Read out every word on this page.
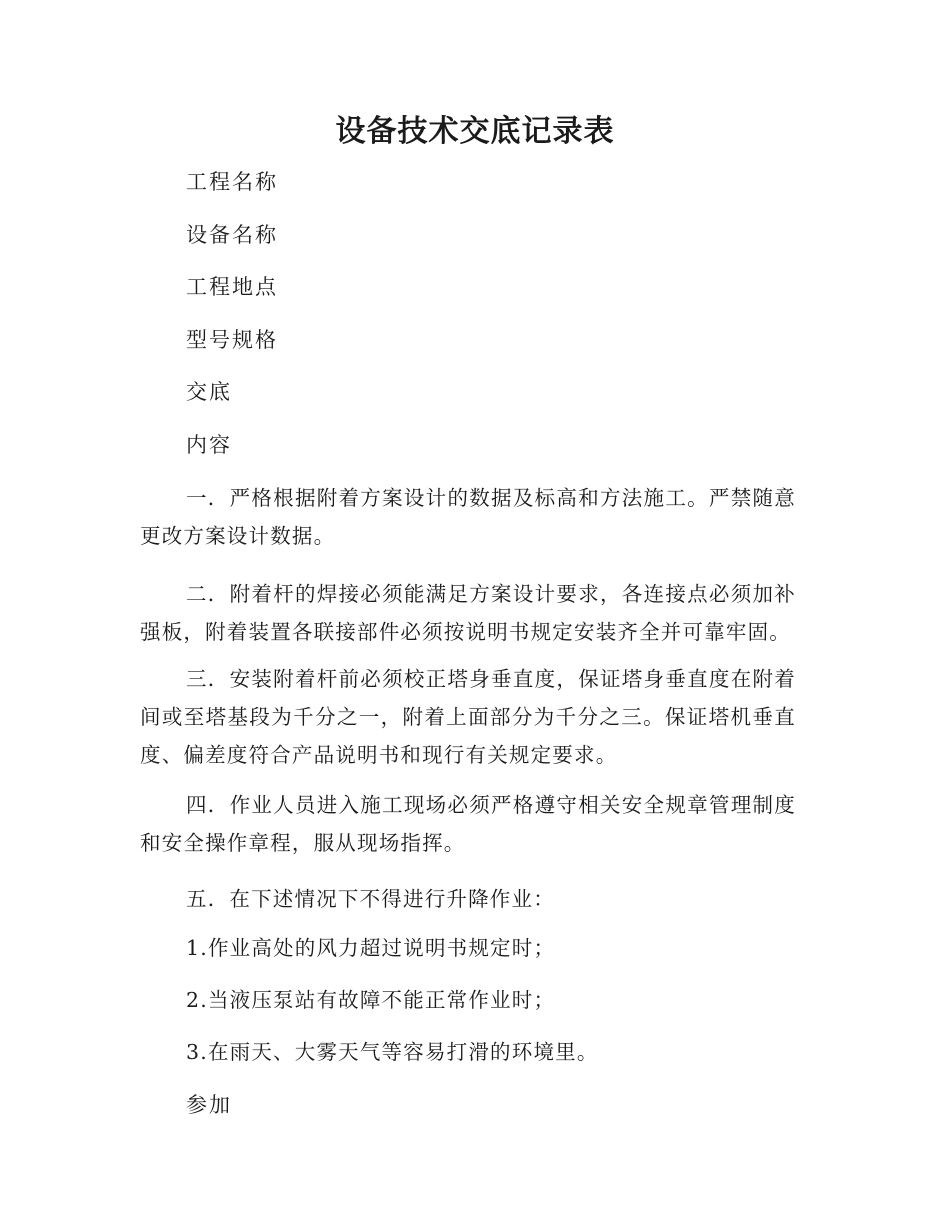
设备技术交底记录表
工程名称
设备名称
工程地点
型号规格
交底
内容

一．严格根据附着方案设计的数据及标高和方法施工。严禁随意更改方案设计数据。

二．附着杆的焊接必须能满足方案设计要求，各连接点必须加补强板，附着装置各联接部件必须按说明书规定安装齐全并可靠牢固。

三．安装附着杆前必须校正塔身垂直度，保证塔身垂直度在附着间或至塔基段为千分之一，附着上面部分为千分之三。保证塔机垂直度、偏差度符合产品说明书和现行有关规定要求。

四．作业人员进入施工现场必须严格遵守相关安全规章管理制度和安全操作章程，服从现场指挥。

五．在下述情况下不得进行升降作业：

1.作业高处的风力超过说明书规定时；
2.当液压泵站有故障不能正常作业时；
3.在雨天、大雾天气等容易打滑的环境里。
参加
